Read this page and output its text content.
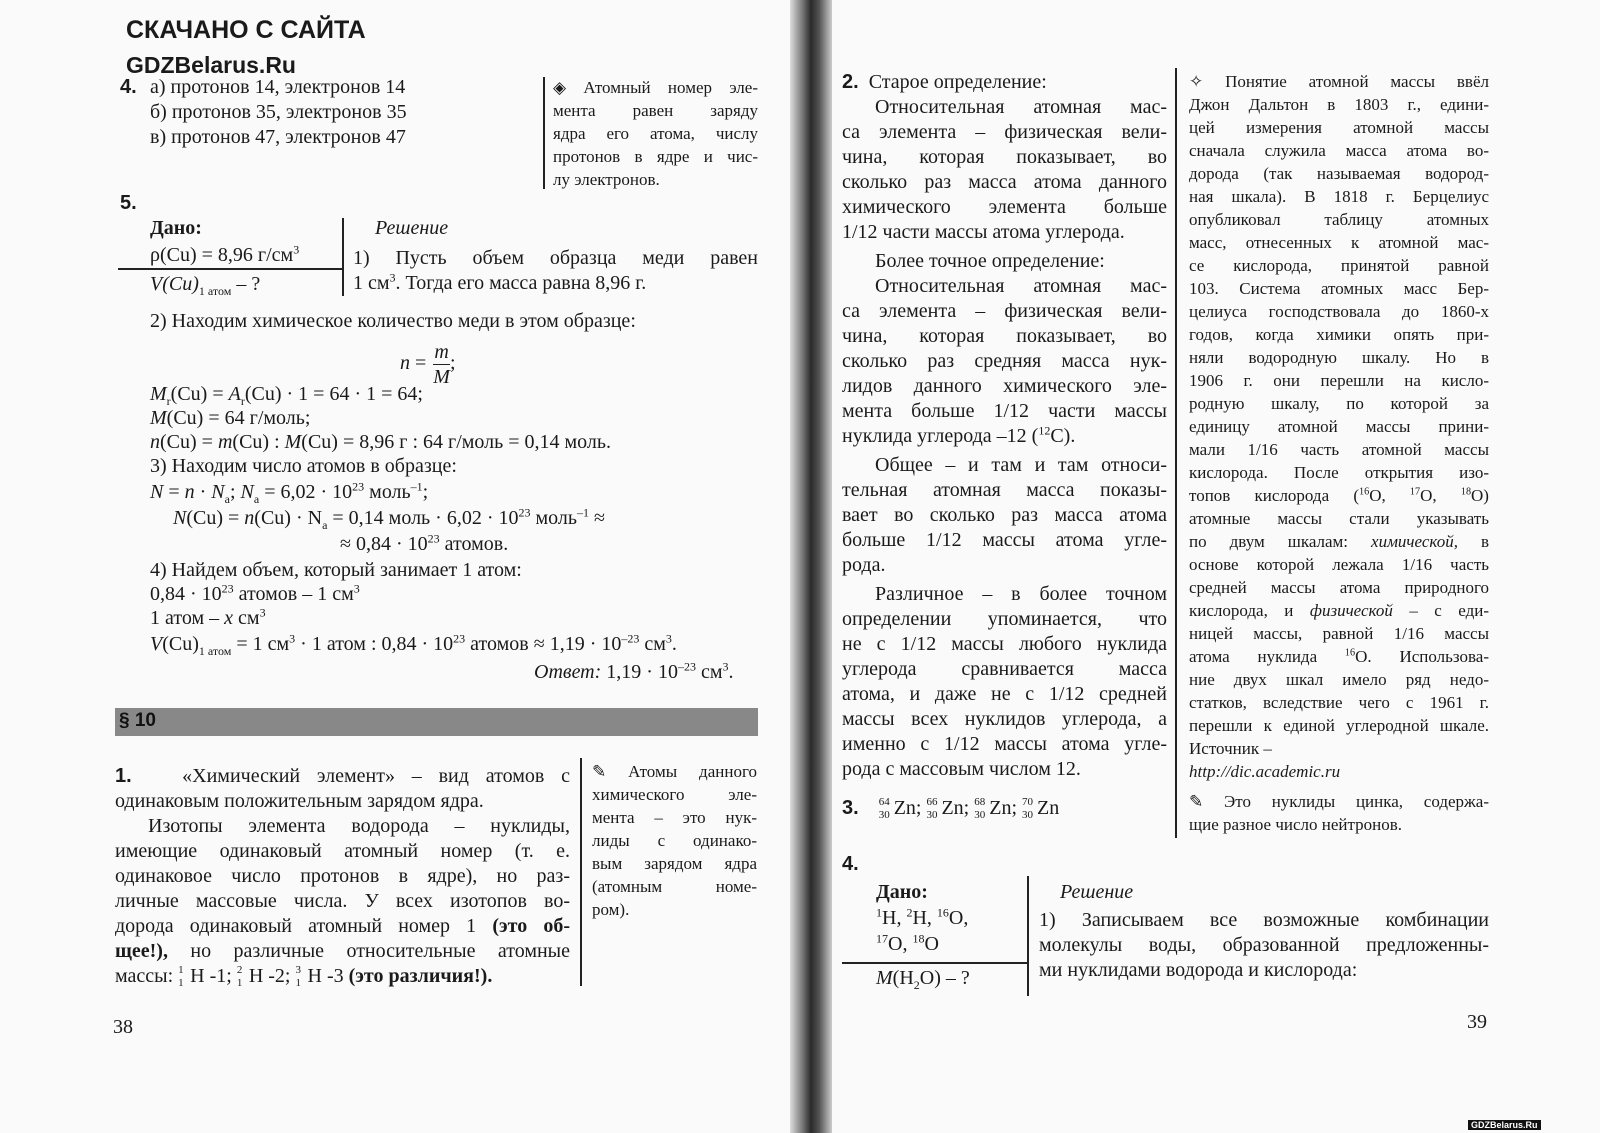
СКАЧАНО С САЙТА
GDZBelarus.Ru
4. а) протонов 14, электронов 14
б) протонов 35, электронов 35
в) протонов 47, электронов 47
◈ Атомный номер эле-
мента равен заряду
ядра его атома, числу
протонов в ядре и чис-
лу электронов.
5.
Дано:	Решение
ρ(Cu) = 8,96 $г/см^3$
$V(Cu)_{1 атом}$ – ?
1) Пусть объем образца меди равен
1 $см^3$. Тогда его масса равна 8,96 г.
2) Находим химическое количество меди в этом образце:
$n = \frac{m}{M}$ ;
$M_r(Cu) = A_r(Cu) \cdot 1 = 64 \cdot 1 = 64$;
M(Cu) = 64 г/моль;
n(Cu) = m(Cu) : M(Cu) = 8,96 г : 64 г/моль = 0,14 моль.
3) Находим число атомов в образце:
$N = n \cdot N_a$; $N_a = 6,02 \cdot 10^{23}$ моль$^{-1}$;
$N(Cu) = n(Cu) \cdot N_a = 0,14$ моль · $6,02 \cdot 10^{23}$ моль$^{-1}$ ≈
≈ $0,84 \cdot 10^{23}$ атомов.
4) Найдем объем, который занимает 1 атом:
$0,84 \cdot 10^{23}$ атомов – 1 $см^3$
1 атом – x $см^3$
$V(Cu)_{1 атом} = 1$ $см^3 \cdot 1$ атом : $0,84 \cdot 10^{23}$ атомов ≈ $1,19 \cdot 10^{-23}$ $см^3$.
Ответ: $1,19 \cdot 10^{-23}$ $см^3$.
§ 10
1.	«Химический элемент» – вид атомов с
одинаковым положительным зарядом ядра.
Изотопы элемента водорода – нуклиды,
имеющие одинаковый атомный номер (т. е.
одинаковое число протонов в ядре), но раз-
личные массовые числа. У всех изотопов во-
дорода одинаковый атомный номер 1 (это об-
щее!), но различные относительные атомные
массы: 1
1 H -1; 2
1 H -2; 3
1 H -3 (это различия!).
✎ Атомы данного
химического эле-
мента – это нук-
лиды с одинако-
вым зарядом ядра
(атомным номе-
ром).
38
2. Старое определение:
Относительная атомная мас-
са элемента – физическая вели-
чина, которая показывает, во
сколько раз масса атома данного
химического элемента больше
1/12 части массы атома углерода.
Более точное определение:
Относительная атомная мас-
са элемента – физическая вели-
чина, которая показывает, во
сколько раз средняя масса нук-
лидов данного химического эле-
мента больше 1/12 части массы
нуклида углерода –12 ($^{12}$C).
Общее – и там и там относи-
тельная атомная масса показы-
вает во сколько раз масса атома
больше 1/12 массы атома угле-
рода.
Различное – в более точном
определении упоминается, что
не с 1/12 массы любого нуклида
углерода сравнивается масса
атома, и даже не с 1/12 средней
массы всех нуклидов углерода, а
именно с 1/12 массы атома угле-
рода с массовым числом 12.
✧ Понятие атомной массы ввёл
Джон Дальтон в 1803 г., едини-
цей измерения атомной массы
сначала служила масса атома во-
дорода (так называемая водород-
ная шкала). В 1818 г. Берцелиус
опубликовал таблицу атомных
масс, отнесенных к атомной мас-
се кислорода, принятой равной
103. Система атомных масс Бер-
целиуса господствовала до 1860-х
годов, когда химики опять при-
няли водородную шкалу. Но в
1906 г. они перешли на кисло-
родную шкалу, по которой за
единицу атомной массы прини-
мали 1/16 часть атомной массы
кислорода. После открытия изо-
топов кислорода ($^{16}$O, $^{17}$O, $^{18}$O)
атомные массы стали указывать
по двум шкалам: химической, в
основе которой лежала 1/16 часть
средней массы атома природного
кислорода, и физической – с еди-
ницей массы, равной 1/16 массы
атома нуклида	$^{16}$O. Использова-
ние двух шкал имело ряд недо-
статков, вследствие чего с 1961 г.
перешли к единой углеродной шкале.
Источник –
http://dic.academic.ru
3. 64
30 Zn; 66
30 Zn; 68
30 Zn; 70
30 Zn	✎ Это нуклиды цинка, содержа-
щие разное число нейтронов.
4.
Дано:
$^1$H, $^2$H, $^{16}$O,
$^{17}$O, $^{18}$O
$M(H_2O)$ – ?
Решение
1) Записываем все возможные комбинации
молекулы воды, образованной предложенны-
ми нуклидами водорода и кислорода:
39
GDZBelarus.Ru
